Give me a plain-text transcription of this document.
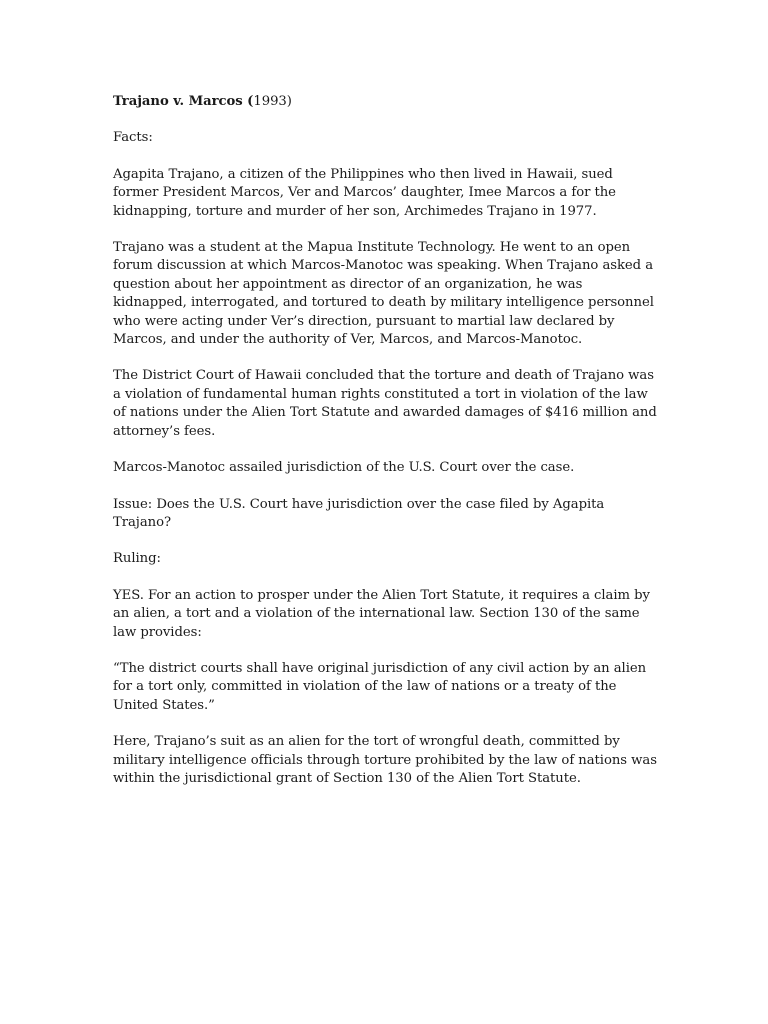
Trajano v. Marcos (1993)

Facts:

Agapita Trajano, a citizen of the Philippines who then lived in Hawaii, sued former President Marcos, Ver and Marcos’ daughter, Imee Marcos a for the kidnapping, torture and murder of her son, Archimedes Trajano in 1977.

Trajano was a student at the Mapua Institute Technology. He went to an open forum discussion at which Marcos-Manotoc was speaking. When Trajano asked a question about her appointment as director of an organization, he was kidnapped, interrogated, and tortured to death by military intelligence personnel who were acting under Ver’s direction, pursuant to martial law declared by Marcos, and under the authority of Ver, Marcos, and Marcos-Manotoc.

The District Court of Hawaii concluded that the torture and death of Trajano was a violation of fundamental human rights constituted a tort in violation of the law of nations under the Alien Tort Statute and awarded damages of $416 million and attorney’s fees.

Marcos-Manotoc assailed jurisdiction of the U.S. Court over the case.

Issue: Does the U.S. Court have jurisdiction over the case filed by Agapita Trajano?

Ruling:

YES. For an action to prosper under the Alien Tort Statute, it requires a claim by an alien, a tort and a violation of the international law. Section 130 of the same law provides:

“The district courts shall have original jurisdiction of any civil action by an alien for a tort only, committed in violation of the law of nations or a treaty of the United States.”

Here, Trajano’s suit as an alien for the tort of wrongful death, committed by military intelligence officials through torture prohibited by the law of nations was within the jurisdictional grant of Section 130 of the Alien Tort Statute.
